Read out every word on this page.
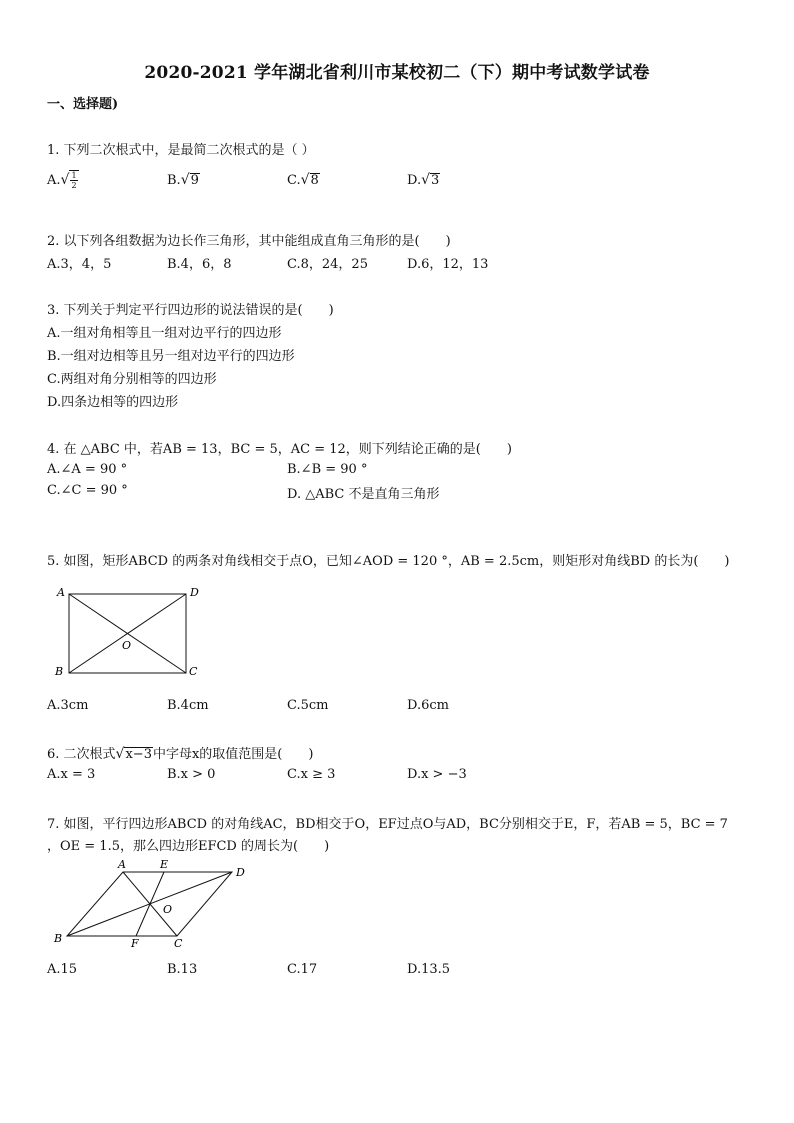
2020-2021 学年湖北省利川市某校初二（下）期中考试数学试卷
一、选择题)
1. 下列二次根式中，是最简二次根式的是（ ）
$A.√ \frac{1}{2}$	B.√9	C.√8	D.√3
2. 以下列各组数据为边长作三角形，其中能组成直角三角形的是(　　)
A.3，4，5	B.4，6，8	C.8，24，25	D.6，12，13
3. 下列关于判定平行四边形的说法错误的是(　　)
A.一组对角相等且一组对边平行的四边形
B.一组对边相等且另一组对边平行的四边形
C.两组对角分别相等的四边形
D.四条边相等的四边形
4. 在 △ABC 中，若AB = 13，BC = 5，AC = 12，则下列结论正确的是(　　)
A.∠A = 90 °	B.∠B = 90 °
C.∠C = 90 °	D. △ABC 不是直角三角形
5. 如图，矩形ABCD 的两条对角线相交于点O，已知∠AOD = 120 °，AB = 2.5cm，则矩形对角线BD 的长为(　　)
A	D
B	C
O
A.3cm	B.4cm	C.5cm	D.6cm
6. 二次根式√x−3中字母x的取值范围是(　　)
A.x = 3	B.x > 0	C.x ≥ 3	D.x > −3
7. 如图，平行四边形ABCD 的对角线AC，BD相交于O，EF过点O与AD，BC分别相交于E，F，若AB = 5，BC = 7
，OE = 1.5，那么四边形EFCD 的周长为(　　)
A	E
D
B	F	C
O
A.15	B.13	C.17	D.13.5
